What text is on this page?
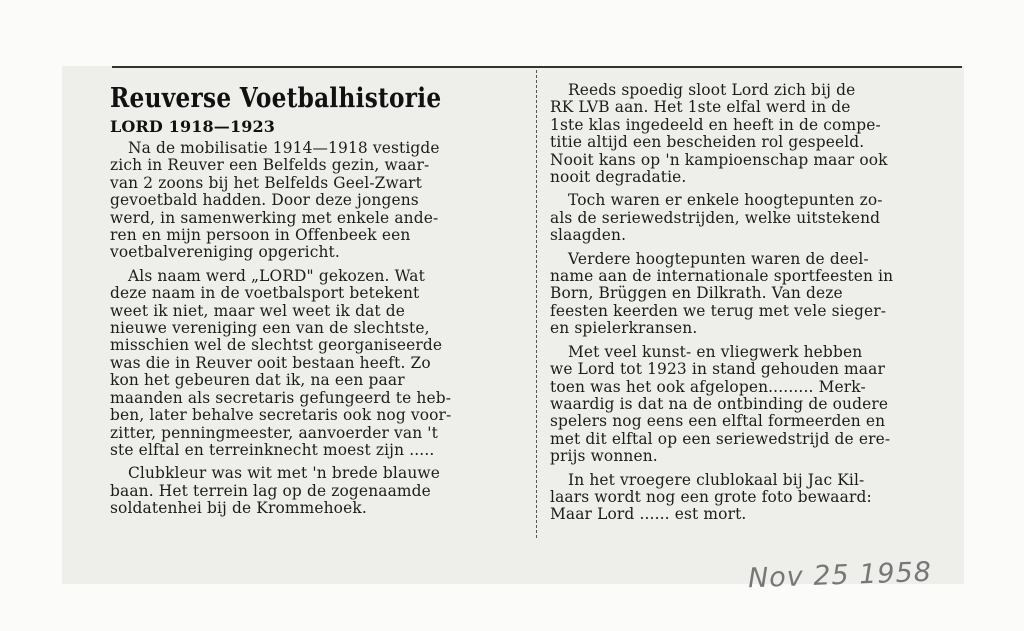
Reuverse Voetbalhistorie
LORD 1918—1923
Na de mobilisatie 1914—1918 vestigde
zich in Reuver een Belfelds gezin, waar-
van 2 zoons bij het Belfelds Geel-Zwart
gevoetbald hadden. Door deze jongens
werd, in samenwerking met enkele ande-
ren en mijn persoon in Offenbeek een
voetbalvereniging opgericht.
Als naam werd „LORD" gekozen. Wat
deze naam in de voetbalsport betekent
weet ik niet, maar wel weet ik dat de
nieuwe vereniging een van de slechtste,
misschien wel de slechtst georganiseerde
was die in Reuver ooit bestaan heeft. Zo
kon het gebeuren dat ik, na een paar
maanden als secretaris gefungeerd te heb-
ben, later behalve secretaris ook nog voor-
zitter, penningmeester, aanvoerder van 't
ste elftal en terreinknecht moest zijn .....
Clubkleur was wit met 'n brede blauwe
baan. Het terrein lag op de zogenaamde
soldatenhei bij de Krommehoek.
Reeds spoedig sloot Lord zich bij de
RK LVB aan. Het 1ste elfal werd in de
1ste klas ingedeeld en heeft in de compe-
titie altijd een bescheiden rol gespeeld.
Nooit kans op 'n kampioenschap maar ook
nooit degradatie.
Toch waren er enkele hoogtepunten zo-
als de seriewedstrijden, welke uitstekend
slaagden.
Verdere hoogtepunten waren de deel-
name aan de internationale sportfeesten in
Born, Brüggen en Dilkrath. Van deze
feesten keerden we terug met vele sieger-
en spielerkransen.
Met veel kunst- en vliegwerk hebben
we Lord tot 1923 in stand gehouden maar
toen was het ook afgelopen......... Merk-
waardig is dat na de ontbinding de oudere
spelers nog eens een elftal formeerden en
met dit elftal op een seriewedstrijd de ere-
prijs wonnen.
In het vroegere clublokaal bij Jac Kil-
laars wordt nog een grote foto bewaard:
Maar Lord ...... est mort.
Nov 25 1958
